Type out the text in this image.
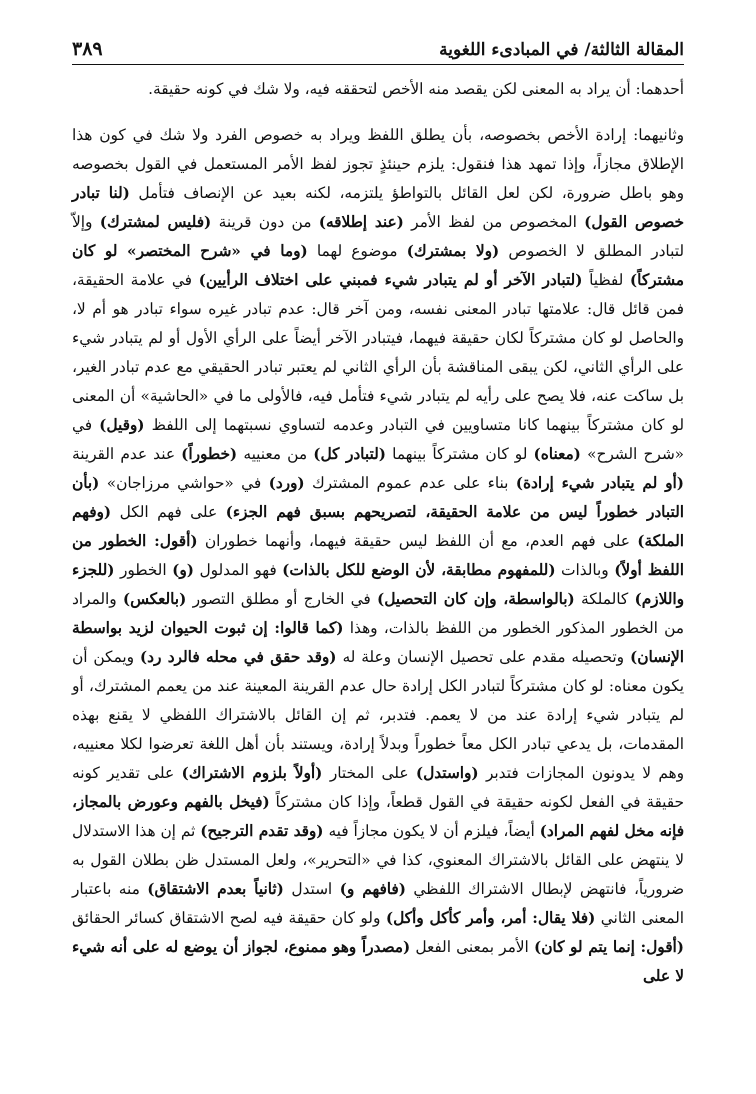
المقالة الثالثة/ في المبادىء اللغوية
٣٨٩

أحدهما: أن يراد به المعنى لكن يقصد منه الأخص لتحققه فيه، ولا شك في كونه حقيقة.

وثانيهما: إرادة الأخص بخصوصه، بأن يطلق اللفظ ويراد به خصوص الفرد ولا شك في كون هذا الإطلاق مجازاً، وإذا تمهد هذا فنقول: يلزم حينئذٍ تجوز لفظ الأمر المستعمل في القول بخصوصه وهو باطل ضرورة، لكن لعل القائل بالتواطؤ يلتزمه، لكنه بعيد عن الإنصاف فتأمل (لنا تبادر خصوص القول) المخصوص من لفظ الأمر (عند إطلاقه) من دون قرينة (فليس لمشترك) وإلاّ لتبادر المطلق لا الخصوص (ولا بمشترك) موضوع لهما (وما في «شرح المختصر» لو كان مشتركاً) لفظياً (لتبادر الآخر أو لم يتبادر شيء فمبني على اختلاف الرأيين) في علامة الحقيقة، فمن قائل قال: علامتها تبادر المعنى نفسه، ومن آخر قال: عدم تبادر غيره سواء تبادر هو أم لا، والحاصل لو كان مشتركاً لكان حقيقة فيهما، فيتبادر الآخر أيضاً على الرأي الأول أو لم يتبادر شيء على الرأي الثاني، لكن يبقى المناقشة بأن الرأي الثاني لم يعتبر تبادر الحقيقي مع عدم تبادر الغير، بل ساكت عنه، فلا يصح على رأيه لم يتبادر شيء فتأمل فيه، فالأولى ما في «الحاشية» أن المعنى لو كان مشتركاً بينهما كانا متساويين في التبادر وعدمه لتساوي نسبتهما إلى اللفظ (وقيل) في «شرح الشرح» (معناه) لو كان مشتركاً بينهما (لتبادر كل) من معنييه (خطوراً) عند عدم القرينة (أو لم يتبادر شيء إرادة) بناء على عدم عموم المشترك (ورد) في «حواشي مرزاجان» (بأن التبادر خطوراً ليس من علامة الحقيقة، لتصريحهم بسبق فهم الجزء) على فهم الكل (وفهم الملكة) على فهم العدم، مع أن اللفظ ليس حقيقة فيهما، وأنهما خطوران (أقول: الخطور من اللفظ أولاً) وبالذات (للمفهوم مطابقة، لأن الوضع للكل بالذات) فهو المدلول (و) الخطور (للجزء واللازم) كالملكة (بالواسطة، وإن كان التحصيل) في الخارج أو مطلق التصور (بالعكس) والمراد من الخطور المذكور الخطور من اللفظ بالذات، وهذا (كما قالوا: إن ثبوت الحيوان لزيد بواسطة الإنسان) وتحصيله مقدم على تحصيل الإنسان وعلة له (وقد حقق في محله فالرد رد) ويمكن أن يكون معناه: لو كان مشتركاً لتبادر الكل إرادة حال عدم القرينة المعينة عند من يعمم المشترك، أو لم يتبادر شيء إرادة عند من لا يعمم. فتدبر، ثم إن القائل بالاشتراك اللفظي لا يقنع بهذه المقدمات، بل يدعي تبادر الكل معاً خطوراً وبدلاً إرادة، ويستند بأن أهل اللغة تعرضوا لكلا معنييه، وهم لا يدونون المجازات فتدبر (واستدل) على المختار (أولاً بلزوم الاشتراك) على تقدير كونه حقيقة في الفعل لكونه حقيقة في القول قطعاً، وإذا كان مشتركاً (فيخل بالفهم وعورض بالمجاز، فإنه مخل لفهم المراد) أيضاً، فيلزم أن لا يكون مجازاً فيه (وقد تقدم الترجيح) ثم إن هذا الاستدلال لا ينتهض على القائل بالاشتراك المعنوي، كذا في «التحرير»، ولعل المستدل ظن بطلان القول به ضرورياً، فانتهض لإبطال الاشتراك اللفظي (فافهم و) استدل (ثانياً بعدم الاشتقاق) منه باعتبار المعنى الثاني (فلا يقال: أمر، وأمر كأكل وأكل) ولو كان حقيقة فيه لصح الاشتقاق كسائر الحقائق (أقول: إنما يتم لو كان) الأمر بمعنى الفعل (مصدراً وهو ممنوع، لجواز أن يوضع له على أنه شيء لا على
